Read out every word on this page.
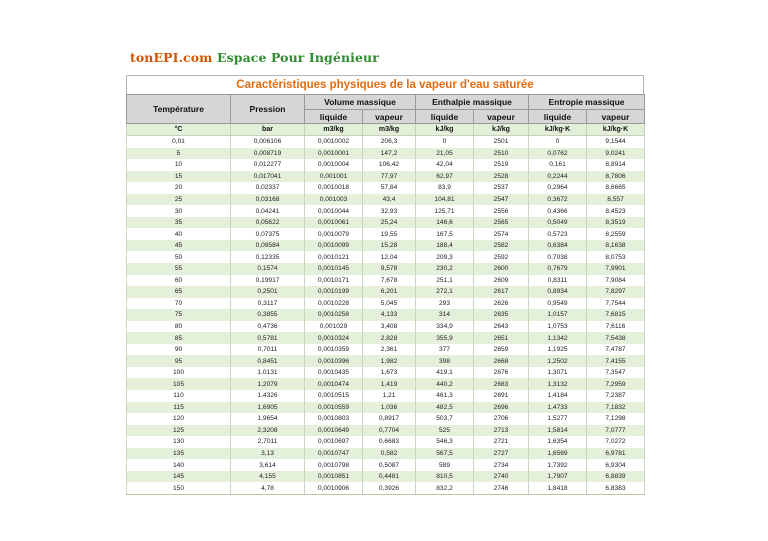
tonEPI.com Espace Pour Ingénieur
Caractéristiques physiques de la vapeur d'eau saturée
Température	Pression	Volume massique		Enthalpie massique		Entropie massique	
		liquide	vapeur	liquide	vapeur	liquide	vapeur
°C	bar	m3/kg	m3/kg	kJ/kg	kJ/kg	kJ/kg·K	kJ/kg·K
0,01	0,006106	0,0010002	206,3	0	2501	0	9,1544
5	0,008719	0,0010001	147,2	21,05	2510	0,0762	9,0241
10	0,012277	0,0010004	106,42	42,04	2519	0,161	8,8914
15	0,017041	0,001001	77,97	62,97	2528	0,2244	8,7806
20	0,02337	0,0010018	57,84	83,9	2537	0,2964	8,6665
25	0,03168	0,001003	43,4	104,81	2547	0,3672	8,557
30	0,04241	0,0010044	32,93	125,71	2556	0,4366	8,4523
35	0,05622	0,0010061	25,24	146,6	2565	0,5049	8,3519
40	0,07375	0,0010079	19,55	167,5	2574	0,5723	8,2559
45	0,09584	0,0010099	15,28	188,4	2582	0,6384	8,1638
50	0,12335	0,0010121	12,04	209,3	2592	0,7038	8,0753
55	0,1574	0,0010145	9,578	230,2	2600	0,7679	7,9901
60	0,19917	0,0010171	7,678	251,1	2609	0,8311	7,9084
65	0,2501	0,0010199	6,201	272,1	2617	0,8934	7,8297
70	0,3117	0,0010228	5,045	293	2626	0,9549	7,7544
75	0,3855	0,0010258	4,133	314	2635	1,0157	7,6815
80	0,4736	0,001029	3,408	334,9	2643	1,0753	7,6116
85	0,5781	0,0010324	2,828	355,9	2651	1,1342	7,5438
90	0,7011	0,0010359	2,361	377	2659	1,1925	7,4787
95	0,8451	0,0010396	1,982	398	2668	1,2502	7,4155
100	1,0131	0,0010435	1,673	419,1	2676	1,3071	7,3547
105	1,2079	0,0010474	1,419	440,2	2683	1,3132	7,2959
110	1,4326	0,0010515	1,21	461,3	2691	1,4184	7,2387
115	1,6905	0,0010559	1,036	482,5	2696	1,4733	7,1832
120	1,9654	0,0010803	0,8917	503,7	2706	1,5277	7,1298
125	2,3208	0,0010649	0,7704	525	2713	1,5814	7,0777
130	2,7011	0,0010697	0,6683	546,3	2721	1,6354	7,0272
135	3,13	0,0010747	0,582	567,5	2727	1,6569	6,9781
140	3,614	0,0010798	0,5087	589	2734	1,7392	6,9304
145	4,155	0,0010851	0,4481	810,5	2740	1,7907	6,8839
150	4,78	0,0010906	0,3926	832,2	2746	1,8418	6,8383
